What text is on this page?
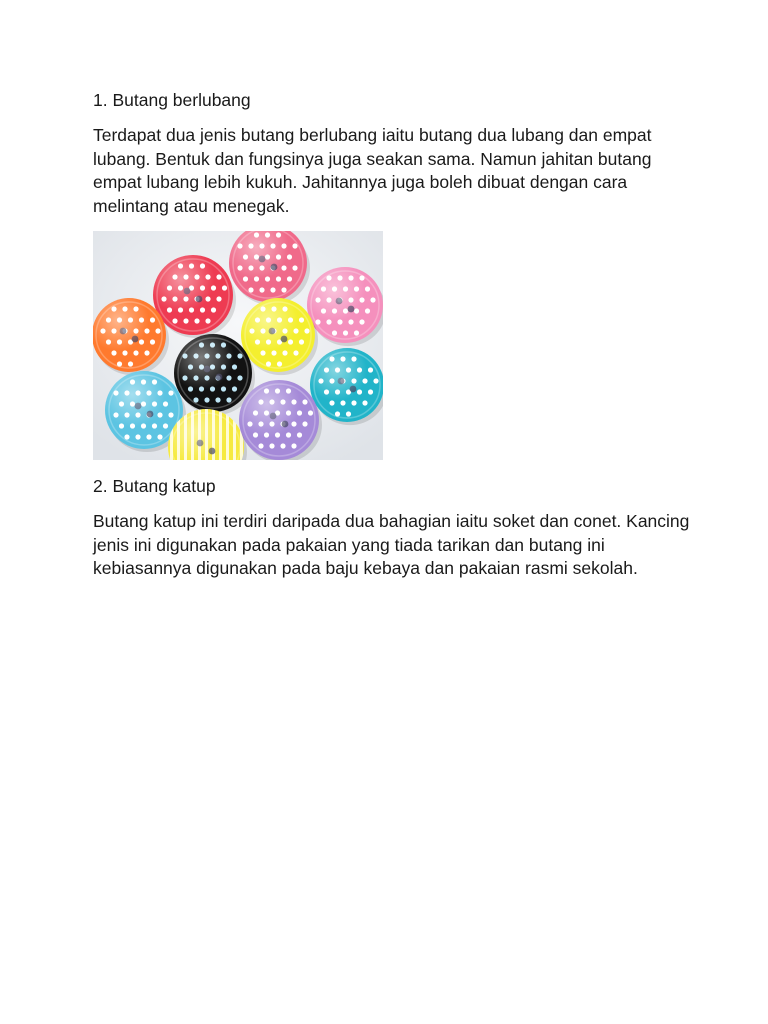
1. Butang berlubang

Terdapat dua jenis butang berlubang iaitu butang dua lubang dan empat lubang. Bentuk dan fungsinya juga seakan sama. Namun jahitan butang empat lubang lebih kukuh. Jahitannya juga boleh dibuat dengan cara melintang atau menegak.

2. Butang katup

Butang katup ini terdiri daripada dua bahagian iaitu soket dan conet. Kancing jenis ini digunakan pada pakaian yang tiada tarikan dan butang ini kebiasannya digunakan pada baju kebaya dan pakaian rasmi sekolah.
